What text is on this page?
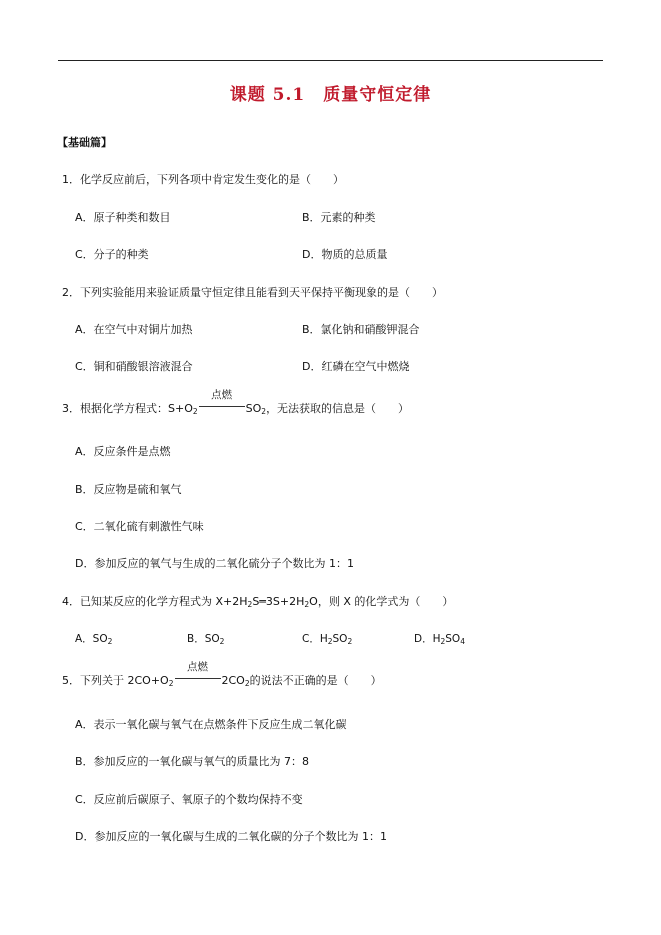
课题 5.1　质量守恒定律
【基础篇】
1．化学反应前后，下列各项中肯定发生变化的是（　　）
A．原子种类和数目	B．元素的种类
C．分子的种类	D．物质的总质量
2．下列实验能用来验证质量守恒定律且能看到天平保持平衡现象的是（　　）
A．在空气中对铜片加热	B．氯化钠和硝酸钾混合
C．铜和硝酸银溶液混合	D．红磷在空气中燃烧
3．根据化学方程式：$S+O_2$
点燃
$SO_2$，无法获取的信息是（　　）
A．反应条件是点燃
B．反应物是硫和氧气
C．二氧化硫有刺激性气味
D．参加反应的氧气与生成的二氧化硫分子个数比为 1：1
4．已知某反应的化学方程式为 $X+2H_2S═3S+2H_2O$，则 X 的化学式为（　　）
A．$SO_2$	B．$SO_2$	C．$H_2SO_2$	D．$H_2SO_4$
5．下列关于 $2CO+O_2$
点燃
$2CO_2$的说法不正确的是（　　）
A．表示一氧化碳与氧气在点燃条件下反应生成二氧化碳
B．参加反应的一氧化碳与氧气的质量比为 7：8
C．反应前后碳原子、氧原子的个数均保持不变
D．参加反应的一氧化碳与生成的二氧化碳的分子个数比为 1：1
